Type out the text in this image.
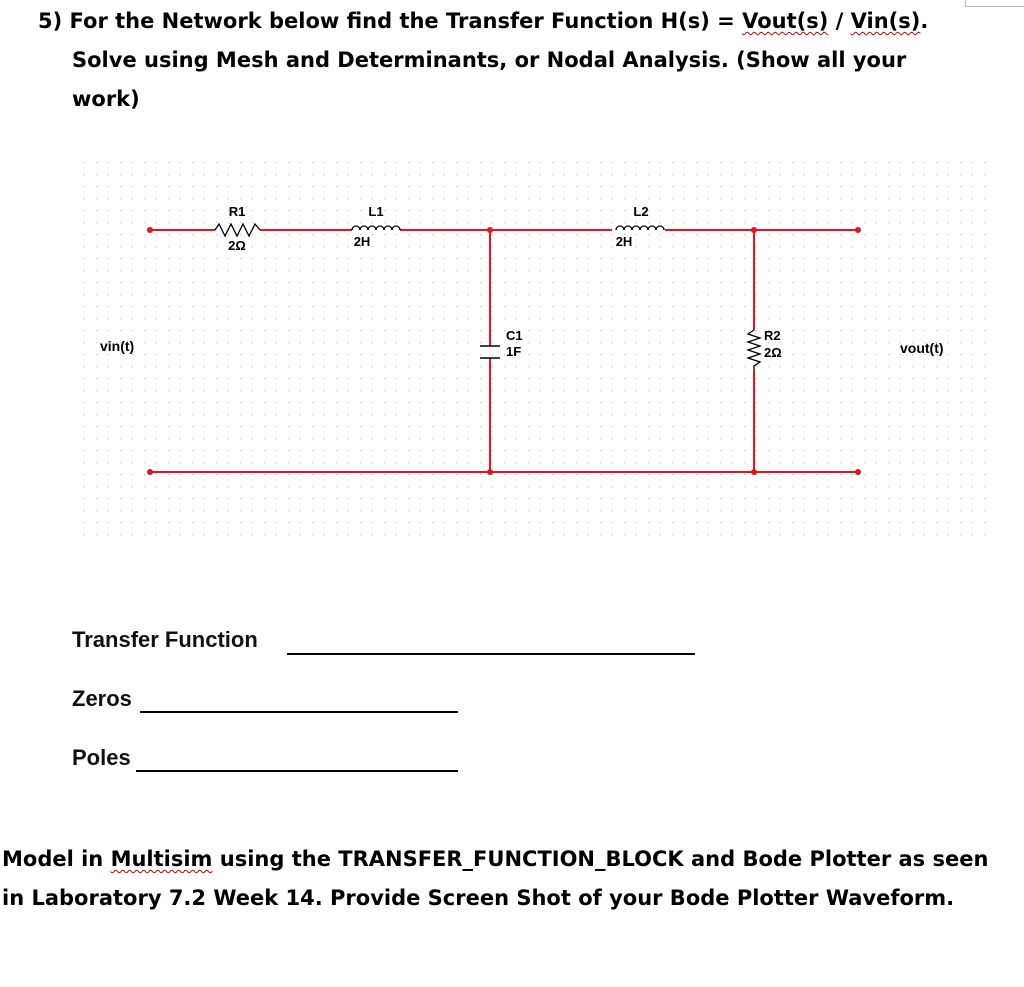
5) For the Network below find the Transfer Function H(s) = Vout(s) / Vin(s).
Solve using Mesh and Determinants, or Nodal Analysis. (Show all your
work)
R1
2Ω
L1
2H
L2
2H
C1
1F
R2
2Ω
vin(t)	vout(t)
Transfer Function
Zeros
Poles
Model in Multisim using the TRANSFER_FUNCTION_BLOCK and Bode Plotter as seen in Laboratory 7.2 Week 14. Provide Screen Shot of your Bode Plotter Waveform.
